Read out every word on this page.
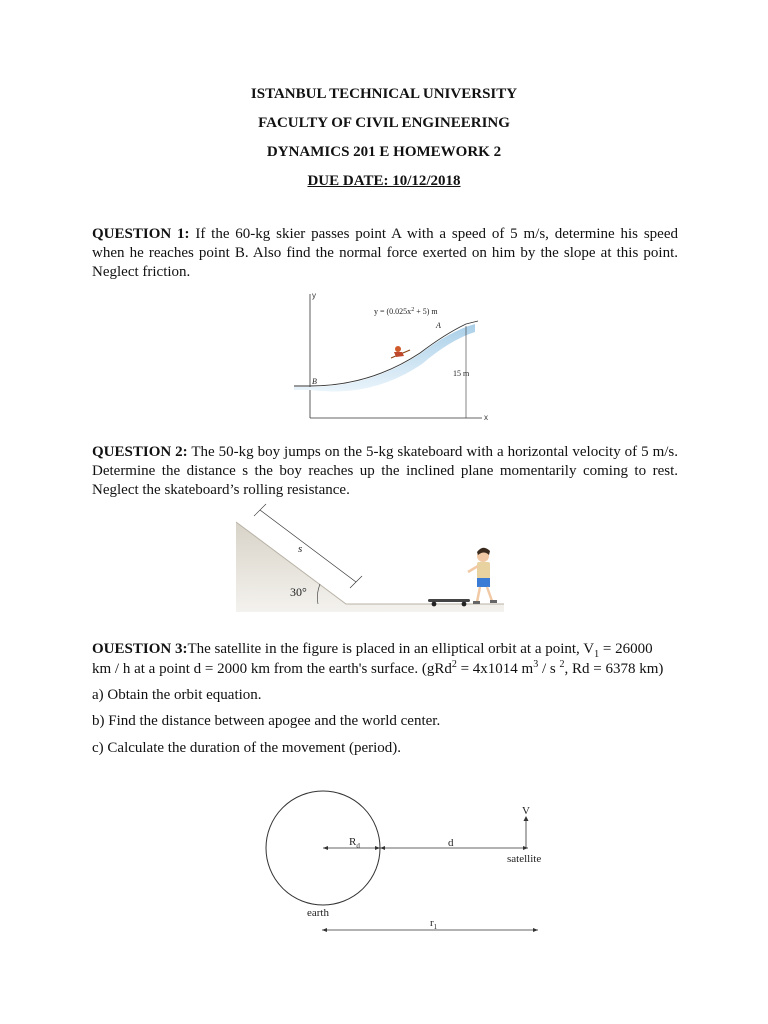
ISTANBUL TECHNICAL UNIVERSITY
FACULTY OF CIVIL ENGINEERING
DYNAMICS 201 E HOMEWORK 2
DUE DATE: 10/12/2018
QUESTION 1: If the 60-kg skier passes point A with a speed of 5 m/s, determine his speed when he reaches point B. Also find the normal force exerted on him by the slope at this point. Neglect friction.
y
x
$y = (0.025x^2 + 5)$ m
A
B
15 m
QUESTION 2: The 50-kg boy jumps on the 5-kg skateboard with a horizontal velocity of 5 m/s. Determine the distance s the boy reaches up the inclined plane momentarily coming to rest. Neglect the skateboard’s rolling resistance.
30°
s
OUESTION 3:The satellite in the figure is placed in an elliptical orbit at a point, $V_1 = 26000$
km / h at a point d = 2000 km from the earth's surface. (gRd$^2$ = 4x1014 $m^3$ / s $^2$, Rd = 6378 km)
a) Obtain the orbit equation.
b) Find the distance between apogee and the world center.
c) Calculate the duration of the movement (period).
$R_d$	d
V
satellite
earth
$r_1$
